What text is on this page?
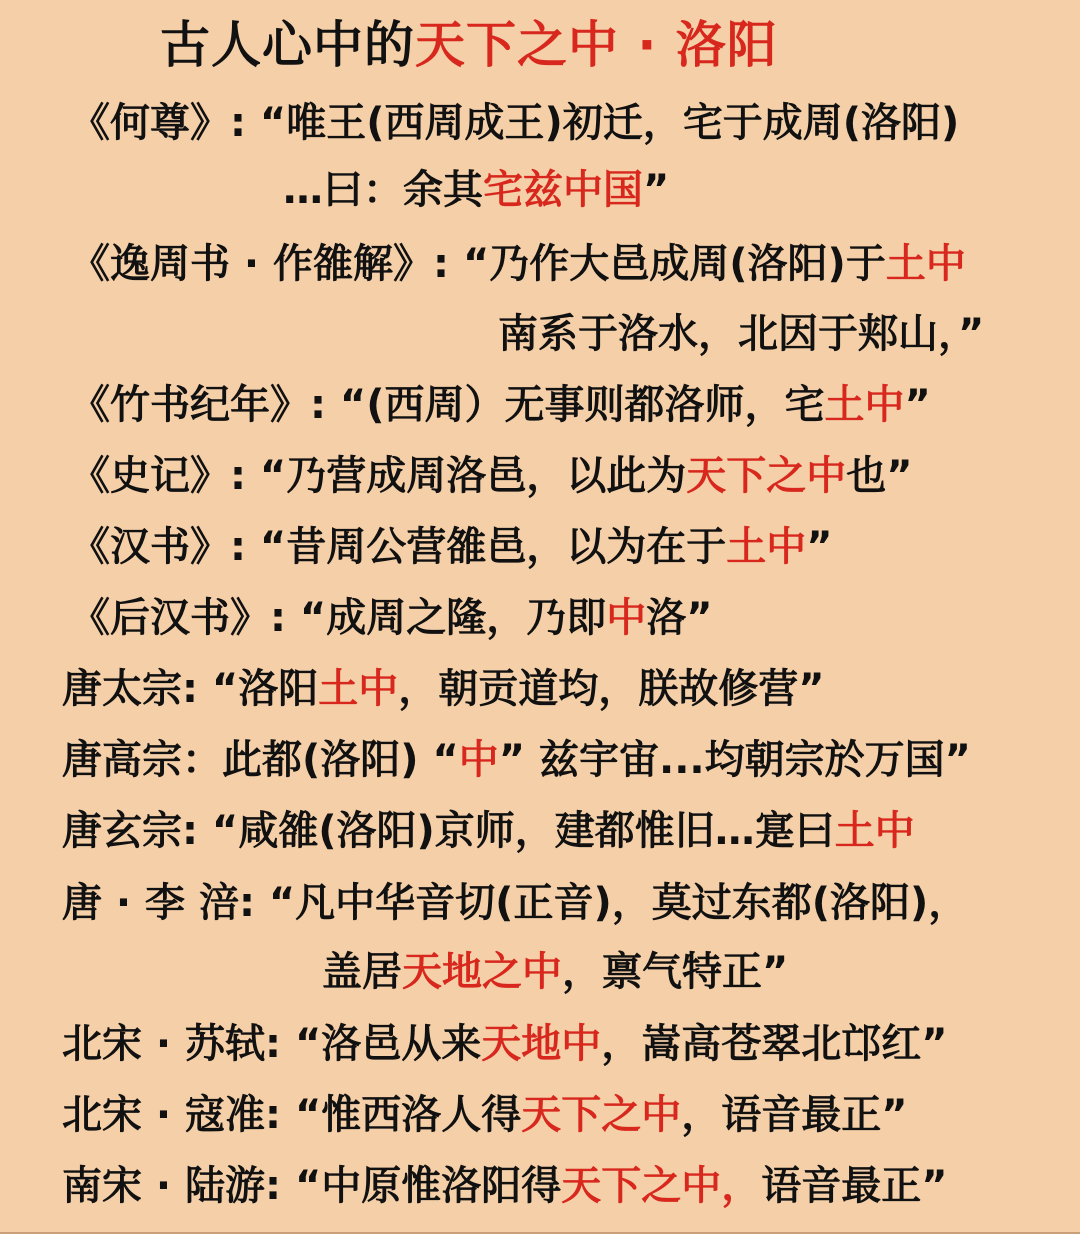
古人心中的天下之中 · 洛阳
《何尊》: “唯王(西周成王)初迁，宅于成周(洛阳)
…曰：余其宅兹中国”
《逸周书 · 作雒解》: “乃作大邑成周(洛阳)于土中
南系于洛水，北因于郏山，”
《竹书纪年》: “(西周）无事则都洛师，宅土中”
《史记》: “乃营成周洛邑，以此为天下之中也”
《汉书》: “昔周公营雒邑，以为在于土中”
《后汉书》: “成周之隆，乃即中洛”
唐太宗: “洛阳土中，朝贡道均，朕故修营”
唐高宗：此都(洛阳) “中” 兹宇宙...均朝宗於万国”
唐玄宗: “咸雒(洛阳)京师，建都惟旧…寔曰土中
唐 · 李 涪: “凡中华音切(正音)，莫过东都(洛阳)，
盖居天地之中，禀气特正”
北宋 · 苏轼: “洛邑从来天地中，嵩高苍翠北邙红”
北宋 · 寇准: “惟西洛人得天下之中，语音最正”
南宋 · 陆游: “中原惟洛阳得天下之中，语音最正”
